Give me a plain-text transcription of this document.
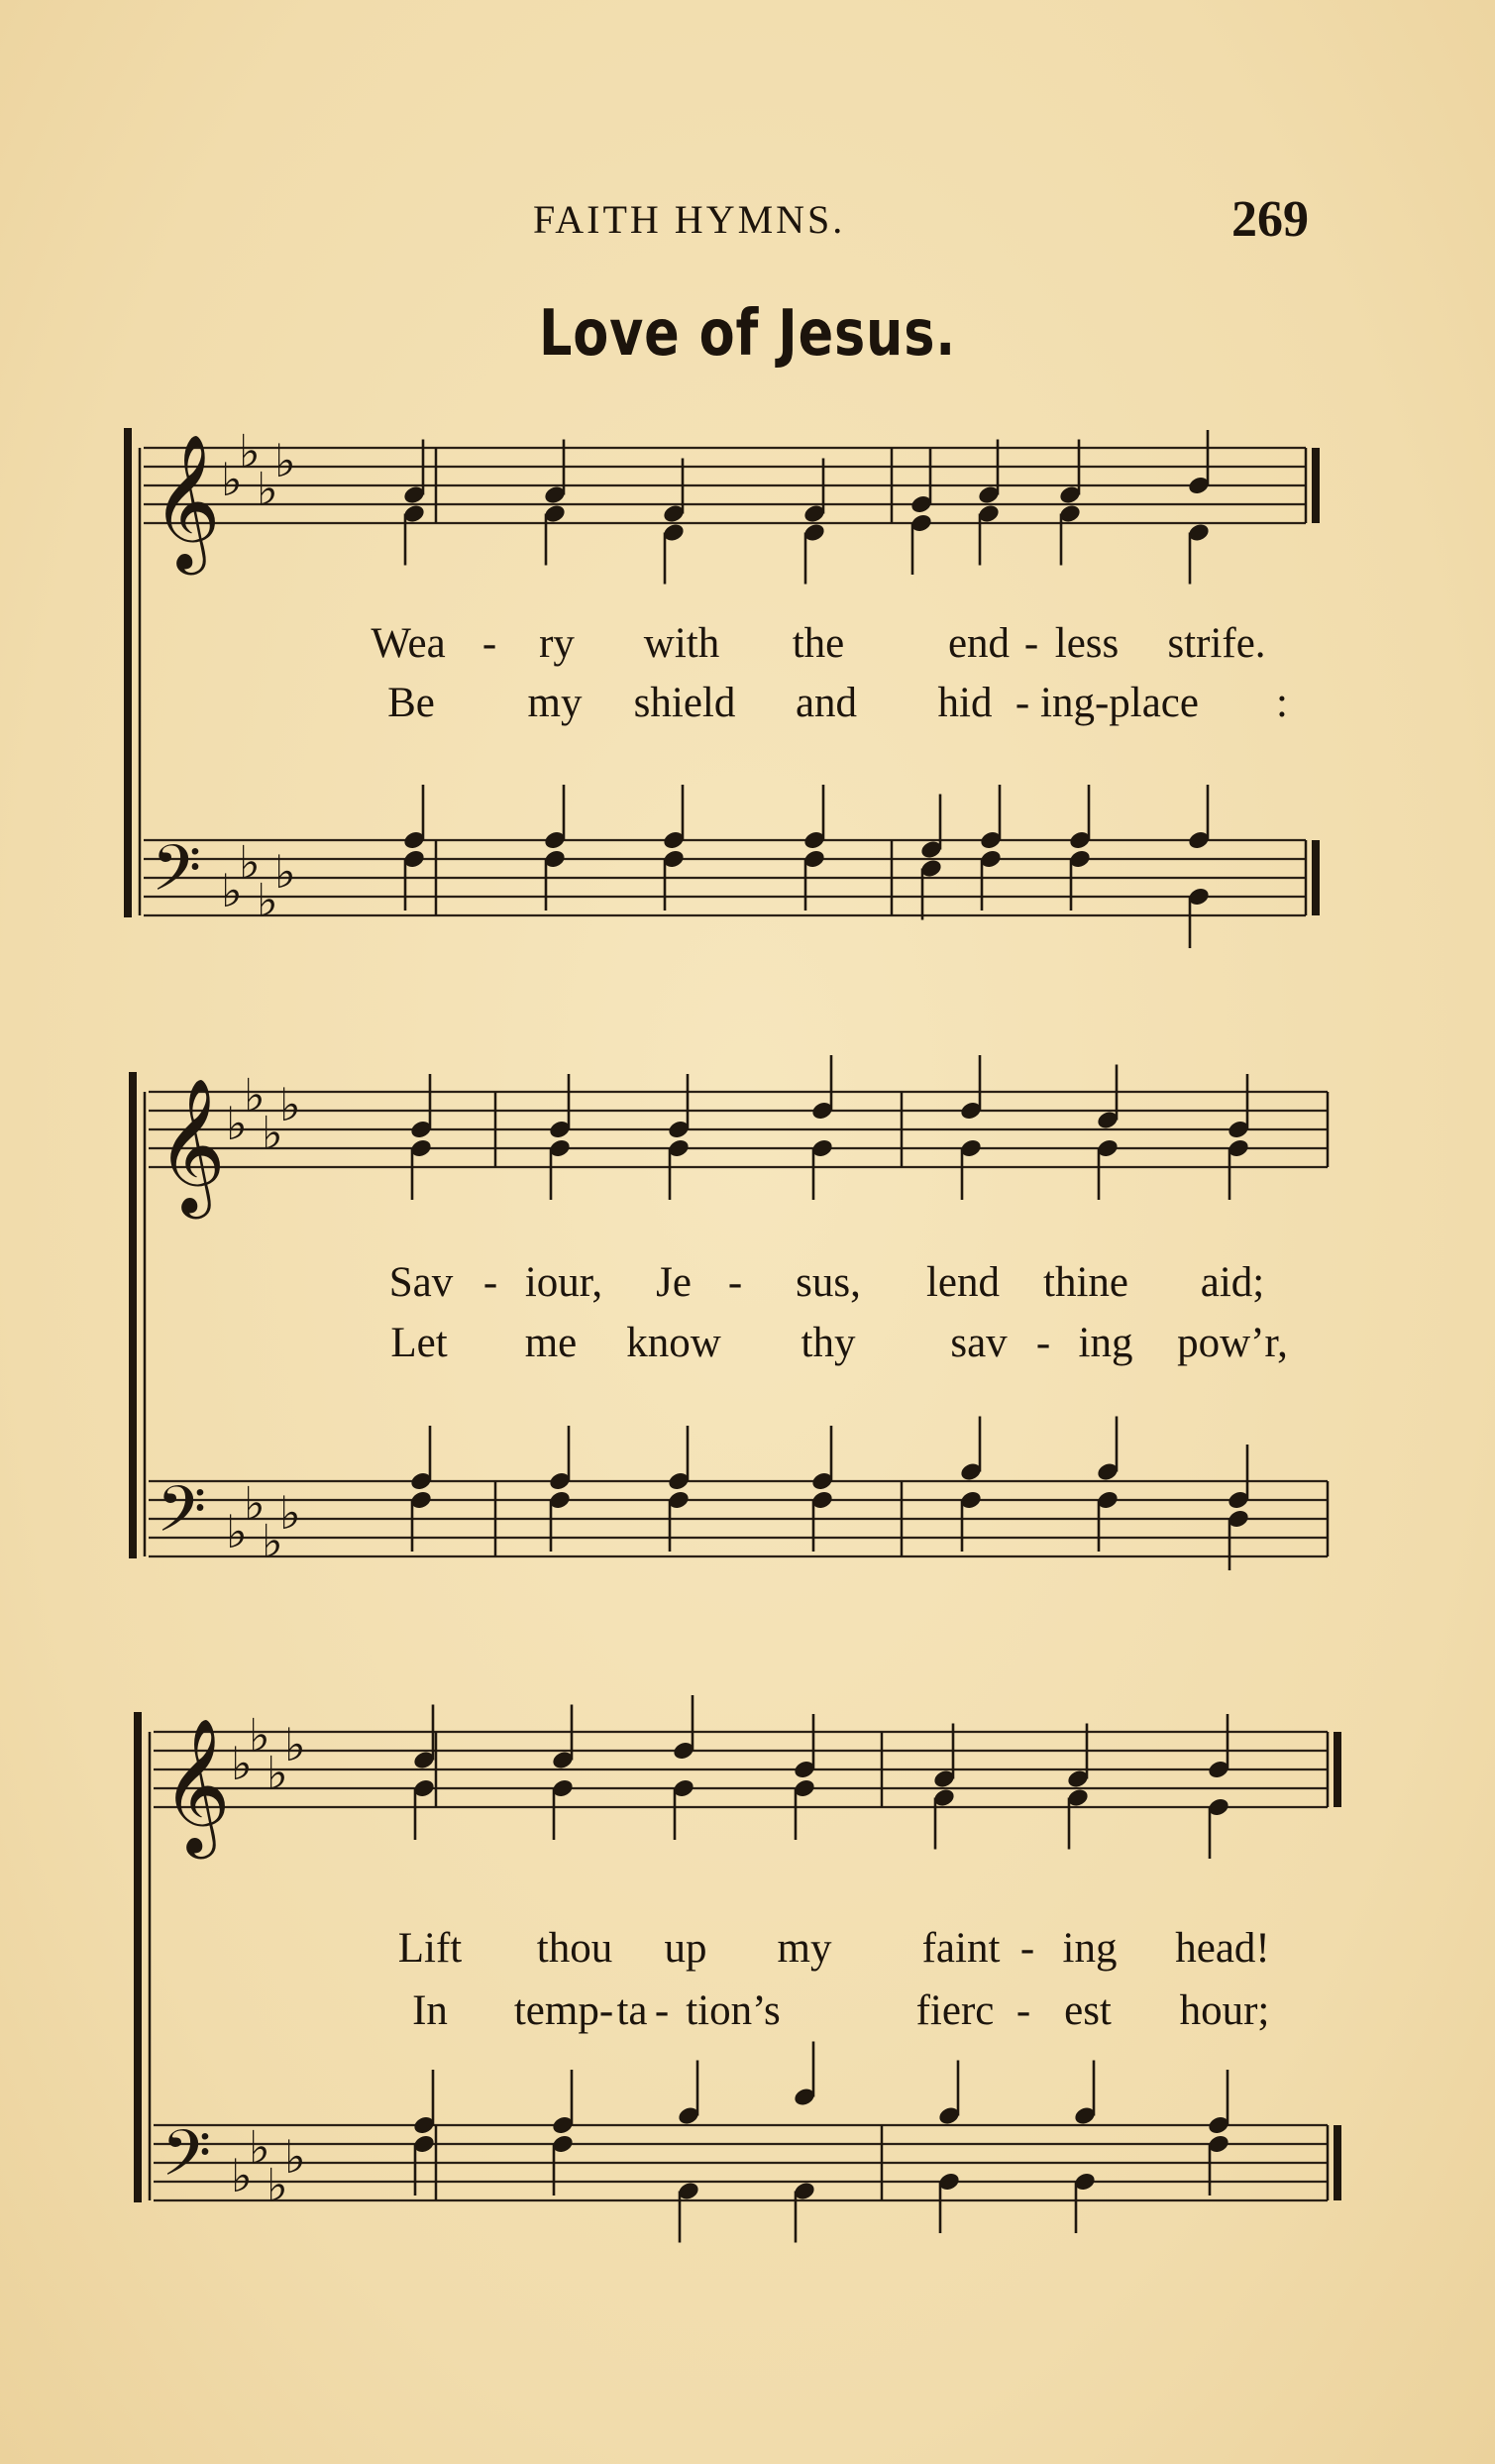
FAITH HYMNS.	269
Love of Jesus.
𝄞 ♭
♭
♭
♭
𝄢 ♭
♭
♭
♭
𝄞 ♭
♭
♭
♭
𝄢 ♭
♭
♭
♭
𝄞 ♭
♭
♭
♭
𝄢 ♭
♭
♭
♭
Wea - ry with the end - less strife.
Be my shield and hid - ing-place :
Sav - iour, Je - sus, lend thine aid;
Let me know thy sav - ing pow’r,
Lift thou up my faint - ing head!
In temp- ta - tion’s	fierc - est hour;
